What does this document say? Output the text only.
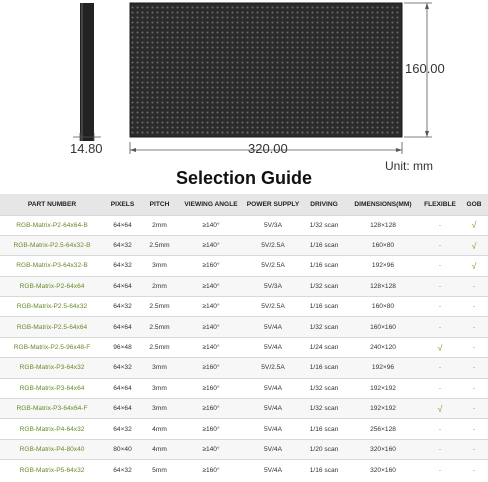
14.80	320.00
160.00
Unit: mm
Selection Guide
PART NUMBER	PIXELS	PITCH	VIEWING ANGLE	POWER SUPPLY	DRIVING	DIMENSIONS(MM)	FLEXIBLE	GOB
RGB-Matrix-P2-64x64-B	64×64	2mm	≥140°	5V/3A	1/32 scan	128×128	-	√
RGB-Matrix-P2.5-64x32-B	64×32	2.5mm	≥140°	5V/2.5A	1/16 scan	160×80	-	√
RGB-Matrix-P3-64x32-B	64×32	3mm	≥160°	5V/2.5A	1/16 scan	192×96	-	√
RGB-Matrix-P2-64x64	64×64	2mm	≥140°	5V/3A	1/32 scan	128×128	-	-
RGB-Matrix-P2.5-64x32	64×32	2.5mm	≥140°	5V/2.5A	1/16 scan	160×80	-	-
RGB-Matrix-P2.5-64x64	64×64	2.5mm	≥140°	5V/4A	1/32 scan	160×160	-	-
RGB-Matrix-P2.5-96x48-F	96×48	2.5mm	≥140°	5V/4A	1/24 scan	240×120	√	-
RGB-Matrix-P3-64x32	64×32	3mm	≥160°	5V/2.5A	1/16 scan	192×96	-	-
RGB-Matrix-P3-64x64	64×64	3mm	≥160°	5V/4A	1/32 scan	192×192	-	-
RGB-Matrix-P3-64x64-F	64×64	3mm	≥160°	5V/4A	1/32 scan	192×192	√	-
RGB-Matrix-P4-64x32	64×32	4mm	≥160°	5V/4A	1/16 scan	256×128	-	-
RGB-Matrix-P4-80x40	80×40	4mm	≥140°	5V/4A	1/20 scan	320×160	-	-
RGB-Matrix-P5-64x32	64×32	5mm	≥160°	5V/4A	1/16 scan	320×160	-	-
